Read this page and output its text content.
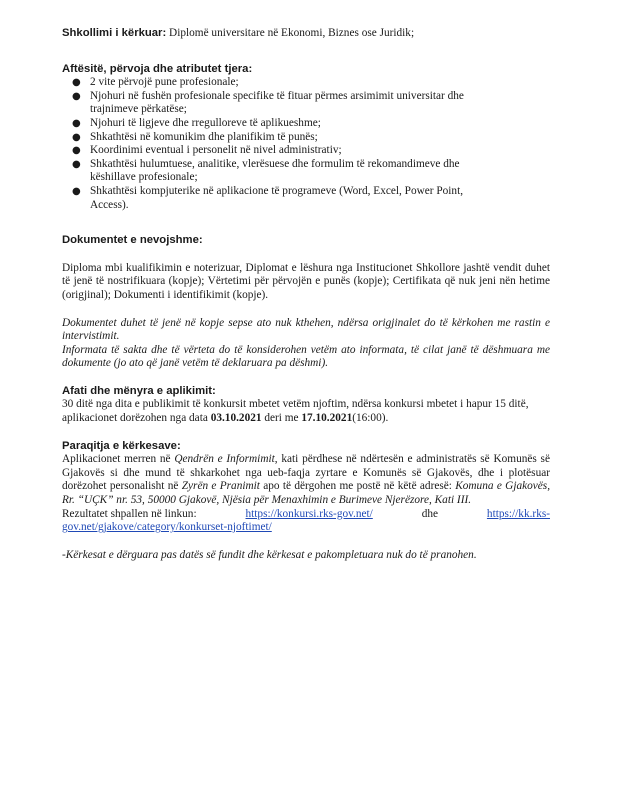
Shkollimi i kërkuar: Diplomë universitare në Ekonomi, Biznes ose Juridik;

Aftësitë, përvoja dhe atributet tjera:

● 2 vite përvojë pune profesionale;
● Njohuri në fushën profesionale specifike të fituar përmes arsimimit universitar dhe
trajnimeve përkatëse;
● Njohuri të ligjeve dhe rregulloreve të aplikueshme;
● Shkathtësi në komunikim dhe planifikim të punës;
● Koordinimi eventual i personelit në nivel administrativ;
● Shkathtësi hulumtuese, analitike, vlerësuese dhe formulim të rekomandimeve dhe
këshillave profesionale;
● Shkathtësi kompjuterike në aplikacione të programeve (Word, Excel, Power Point,
Access).

Dokumentet e nevojshme:

Diploma mbi kualifikimin e noterizuar, Diplomat e lëshura nga Institucionet Shkollore jashtë vendit duhet të jenë të nostrifikuara (kopje); Vërtetimi për përvojën e punës (kopje); Certifikata që nuk jeni nën hetime (origjinal); Dokumenti i identifikimit (kopje).

Dokumentet duhet të jenë në kopje sepse ato nuk kthehen, ndërsa origjinalet do të kërkohen me rastin e intervistimit.

Informata të sakta dhe të vërteta do të konsiderohen vetëm ato informata, të cilat janë të dëshmuara me dokumente (jo ato që janë vetëm të deklaruara pa dëshmi).

Afati dhe mënyra e aplikimit:

30 ditë nga dita e publikimit të konkursit mbetet vetëm njoftim, ndërsa konkursi mbetet i hapur 15 ditë, aplikacionet dorëzohen nga data 03.10.2021 deri me 17.10.2021(16:00).

Paraqitja e kërkesave:

Aplikacionet merren në Qendrën e Informimit, kati përdhese në ndërtesën e administratës së Komunës së Gjakovës si dhe mund të shkarkohet nga ueb-faqja zyrtare e Komunës së Gjakovës, dhe i plotësuar dorëzohet personalisht në Zyrën e Pranimit apo të dërgohen me postë në këtë adresë: Komuna e Gjakovës, Rr. “UÇK” nr. 53, 50000 Gjakovë, Njësia për Menaxhimin e Burimeve Njerëzore, Kati III.

Rezultatet shpallen në linkun:	https://konkursi.rks-gov.net/	dhe	https://kk.rks-

gov.net/gjakove/category/konkurset-njoftimet/

-Kërkesat e dërguara pas datës së fundit dhe kërkesat e pakompletuara nuk do të pranohen.
